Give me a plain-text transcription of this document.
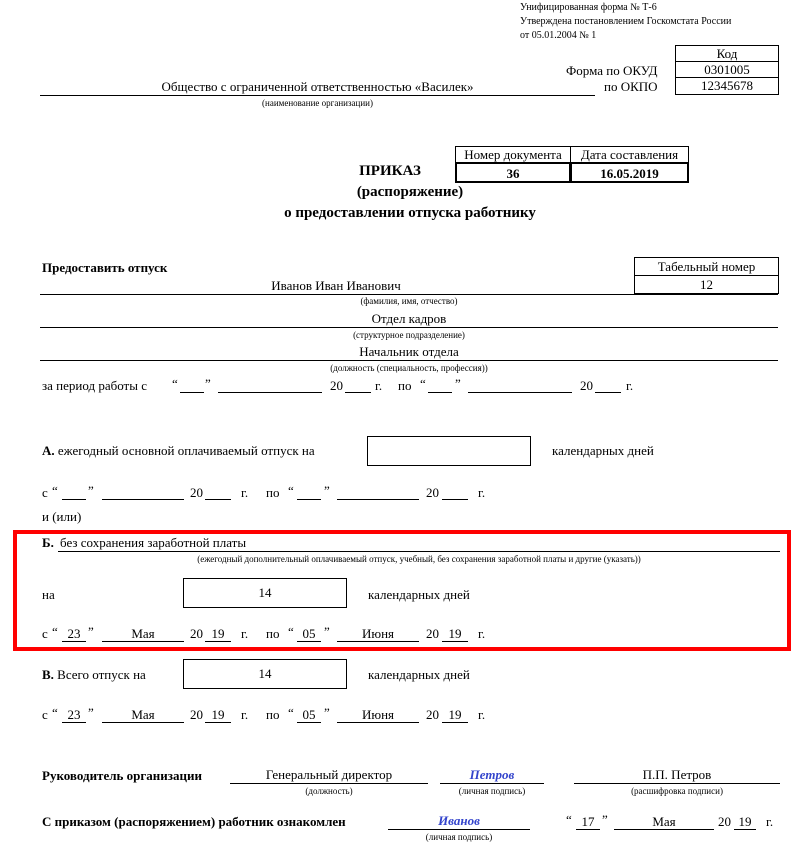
Унифицированная форма № Т-6
Утверждена постановлением Госкомстата России
от 05.01.2004 № 1
Код
Форма по ОКУД	0301005
по ОКПО	12345678
Общество с ограниченной ответственностью «Василек»
(наименование организации)
Номер документа	Дата составления
36	16.05.2019
ПРИКАЗ
(распоряжение)
о предоставлении отпуска работнику
Предоставить отпуск	Табельный номер
12
Иванов Иван Иванович
(фамилия, имя, отчество)
Отдел кадров
(структурное подразделение)
Начальник отдела
(должность (специальность, профессия))
за период работы с “ ”	20 г. по “ ”	20	г.
А. ежегодный основной оплачиваемый отпуск на	календарных дней
с “ ”	20	г. по “ ”	20	г.
и (или)
Б. без сохранения заработной платы
(ежегодный дополнительный оплачиваемый отпуск, учебный, без сохранения заработной платы и другие (указать))
на	14	календарных дней
с “ 23 ”	Мая	20 19	г. по “ 05 ”	Июня	20 19	г.
В. Всего отпуск на	14	календарных дней
с “ 23 ”	Мая	20 19	г. по “ 05 ”	Июня	20 19	г.
Руководитель организации	Генеральный директор
(должность)
Петров
(личная подпись)
П.П. Петров
(расшифровка подписи)
С приказом (распоряжением) работник ознакомлен	Иванов
(личная подпись)
“ 17 ”	Мая	20 19	г.
